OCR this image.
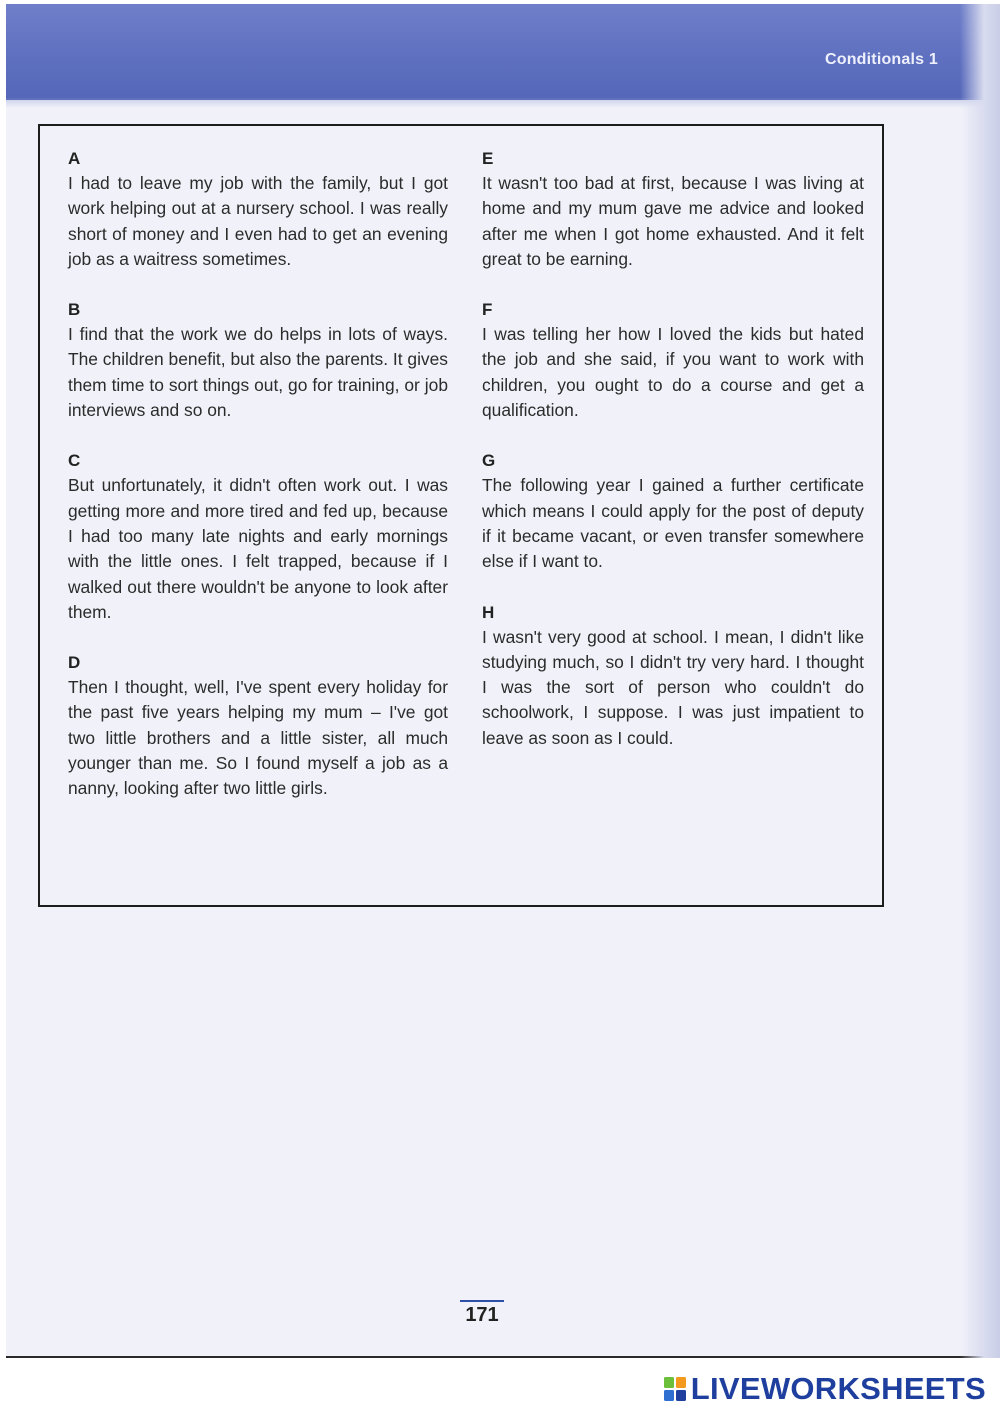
Conditionals 1
A
I had to leave my job with the family, but I got work helping out at a nursery school. I was really short of money and I even had to get an evening job as a waitress sometimes.
B
I find that the work we do helps in lots of ways. The children benefit, but also the parents. It gives them time to sort things out, go for training, or job interviews and so on.
C
But unfortunately, it didn't often work out. I was getting more and more tired and fed up, because I had too many late nights and early mornings with the little ones. I felt trapped, because if I walked out there wouldn't be anyone to look after them.
D
Then I thought, well, I've spent every holiday for the past five years helping my mum – I've got two little brothers and a little sister, all much younger than me. So I found myself a job as a nanny, looking after two little girls.
E
It wasn't too bad at first, because I was living at home and my mum gave me advice and looked after me when I got home exhausted. And it felt great to be earning.
F
I was telling her how I loved the kids but hated the job and she said, if you want to work with children, you ought to do a course and get a qualification.
G
The following year I gained a further certificate which means I could apply for the post of deputy if it became vacant, or even transfer somewhere else if I want to.
H
I wasn't very good at school. I mean, I didn't like studying much, so I didn't try very hard. I thought I was the sort of person who couldn't do schoolwork, I suppose. I was just impatient to leave as soon as I could.
171
LIVEWORKSHEETS
